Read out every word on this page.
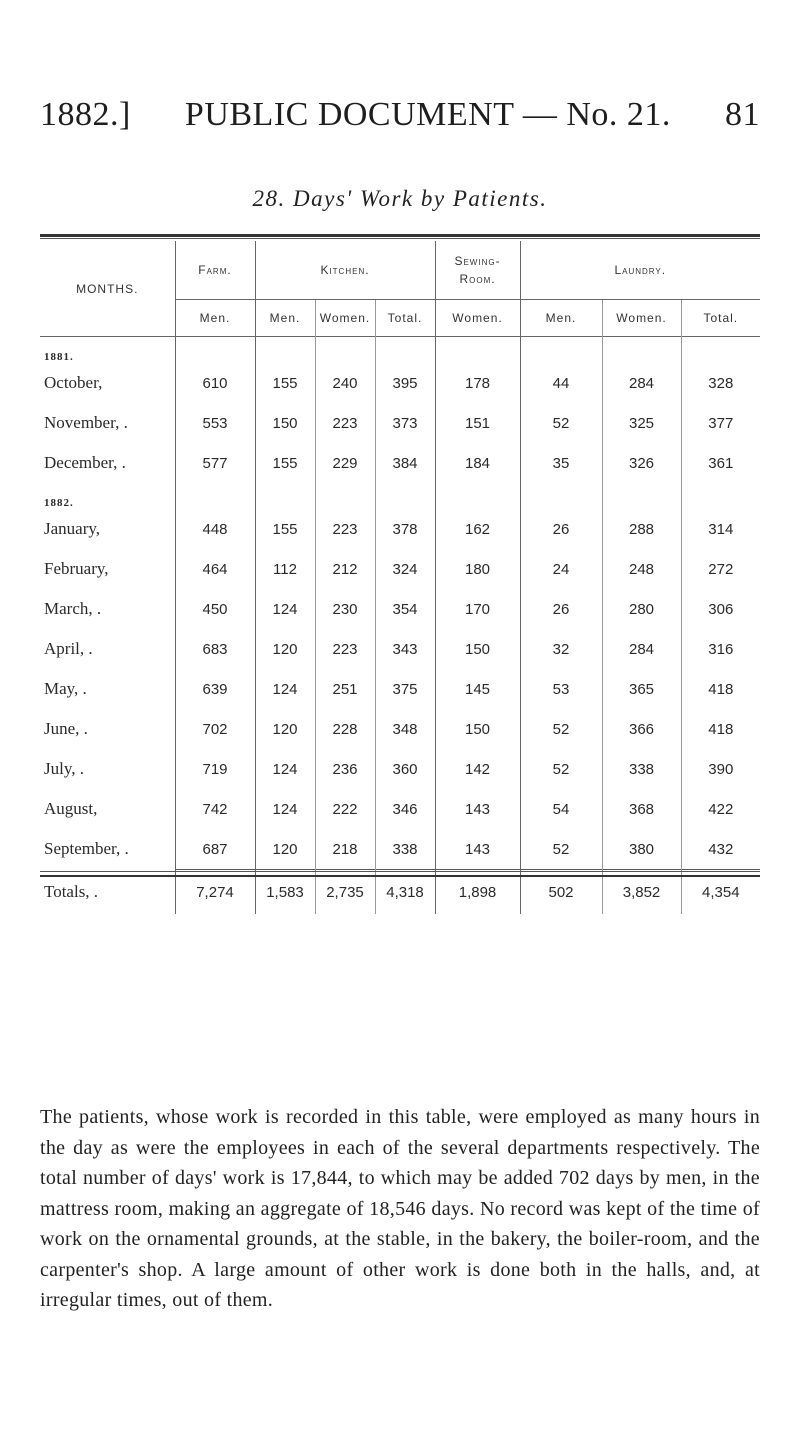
1882.] PUBLIC DOCUMENT — No. 21. 81
28. Days' Work by Patients.
MONTHS.	Farm.	Kitchen.			Sewing-Room.	Laundry.		
	Men.	Men.	Women.	Total.	Women.	Men.	Women.	Total.
1881.								
October,	610	155	240	395	178	44	284	328
November, .	553	150	223	373	151	52	325	377
December, .	577	155	229	384	184	35	326	361
1882.								
January,	448	155	223	378	162	26	288	314
February,	464	112	212	324	180	24	248	272
March, .	450	124	230	354	170	26	280	306
April, .	683	120	223	343	150	32	284	316
May, .	639	124	251	375	145	53	365	418
June, .	702	120	228	348	150	52	366	418
July, .	719	124	236	360	142	52	338	390
August,	742	124	222	346	143	54	368	422
September, .	687	120	218	338	143	52	380	432
Totals, .	7,274	1,583	2,735	4,318	1,898	502	3,852	4,354

The patients, whose work is recorded in this table, were employed as many hours in the day as were the employees in each of the several departments respectively. The total number of days' work is 17,844, to which may be added 702 days by men, in the mattress room, making an aggregate of 18,546 days. No record was kept of the time of work on the ornamental grounds, at the stable, in the bakery, the boiler-room, and the carpenter's shop. A large amount of other work is done both in the halls, and, at irregular times, out of them.
